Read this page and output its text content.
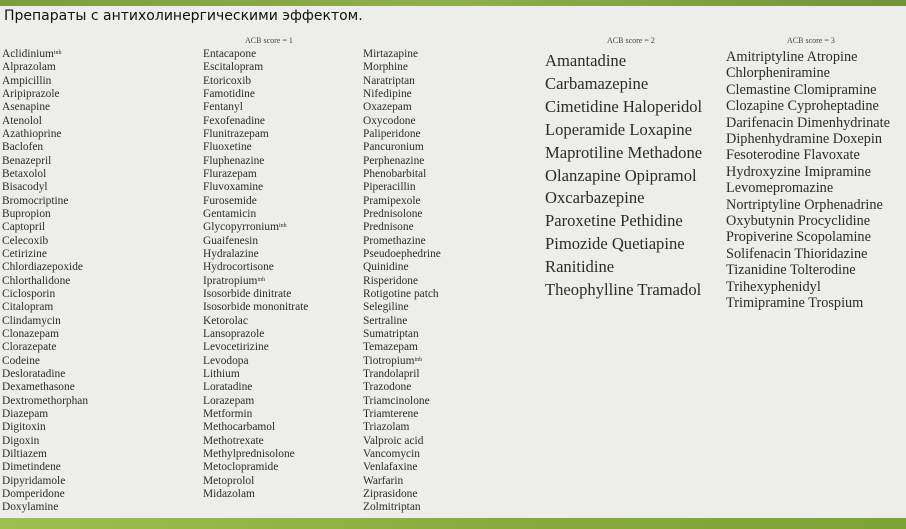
Препараты с антихолинергическими эффектом.
ACB score = 1	ACB score = 2	ACB score = 3
Aclidinium$^{inh}$
Alprazolam
Ampicillin
Aripiprazole
Asenapine
Atenolol
Azathioprine
Baclofen
Benazepril
Betaxolol
Bisacodyl
Bromocriptine
Bupropion
Captopril
Celecoxib
Cetirizine
Chlordiazepoxide
Chlorthalidone
Ciclosporin
Citalopram
Clindamycin
Clonazepam
Clorazepate
Codeine
Desloratadine
Dexamethasone
Dextromethorphan
Diazepam
Digitoxin
Digoxin
Diltiazem
Dimetindene
Dipyridamole
Domperidone
Doxylamine
Entacapone
Escitalopram
Etoricoxib
Famotidine
Fentanyl
Fexofenadine
Flunitrazepam
Fluoxetine
Fluphenazine
Flurazepam
Fluvoxamine
Furosemide
Gentamicin
Glycopyrronium$^{inh}$
Guaifenesin
Hydralazine
Hydrocortisone
Ipratropium$^{inh}$
Isosorbide dinitrate
Isosorbide mononitrate
Ketorolac
Lansoprazole
Levocetirizine
Levodopa
Lithium
Loratadine
Lorazepam
Metformin
Methocarbamol
Methotrexate
Methylprednisolone
Metoclopramide
Metoprolol
Midazolam
Mirtazapine
Morphine
Naratriptan
Nifedipine
Oxazepam
Oxycodone
Paliperidone
Pancuronium
Perphenazine
Phenobarbital
Piperacillin
Pramipexole
Prednisolone
Prednisone
Promethazine
Pseudoephedrine
Quinidine
Risperidone
Rotigotine patch
Selegiline
Sertraline
Sumatriptan
Temazepam
Tiotropium$^{inh}$
Trandolapril
Trazodone
Triamcinolone
Triamterene
Triazolam
Valproic acid
Vancomycin
Venlafaxine
Warfarin
Ziprasidone
Zolmitriptan
Amantadine
Carbamazepine
Cimetidine Haloperidol
Loperamide Loxapine
Maprotiline Methadone
Olanzapine Opipramol
Oxcarbazepine
Paroxetine Pethidine
Pimozide Quetiapine
Ranitidine
Theophylline Tramadol
Amitriptyline Atropine
Chlorpheniramine
Clemastine Clomipramine
Clozapine Cyproheptadine
Darifenacin Dimenhydrinate
Diphenhydramine Doxepin
Fesoterodine Flavoxate
Hydroxyzine Imipramine
Levomepromazine
Nortriptyline Orphenadrine
Oxybutynin Procyclidine
Propiverine Scopolamine
Solifenacin Thioridazine
Tizanidine Tolterodine
Trihexyphenidyl
Trimipramine Trospium
